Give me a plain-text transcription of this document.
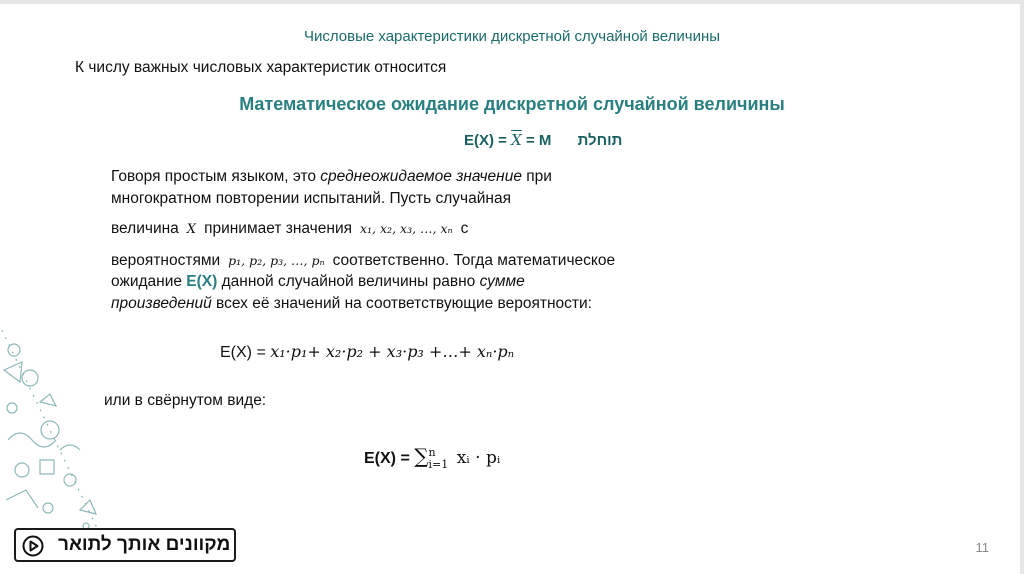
Числовые характеристики дискретной случайной величины
К числу важных числовых характеристик относится
Математическое ожидание дискретной случайной величины
$E(X) = \overline{X} = M$ תוחלת
Говоря простым языком, это среднеожидаемое значение при
многократном повторении испытаний. Пусть случайная
величина X принимает значения x₁, x₂, x₃, …, xₙ с
вероятностями p₁, p₂, p₃, …, pₙ соответственно. Тогда математическое
ожидание E(X) данной случайной величины равно сумме
произведений всех её значений на соответствующие вероятности:
E(X) = x₁·p₁+ x₂·p₂ + x₃·p₃ +…+ xₙ·pₙ
или в свёрнутом виде:
E(X) = ∑n
i=1 xᵢ · pᵢ
מקוונים אותך לתואר	11
